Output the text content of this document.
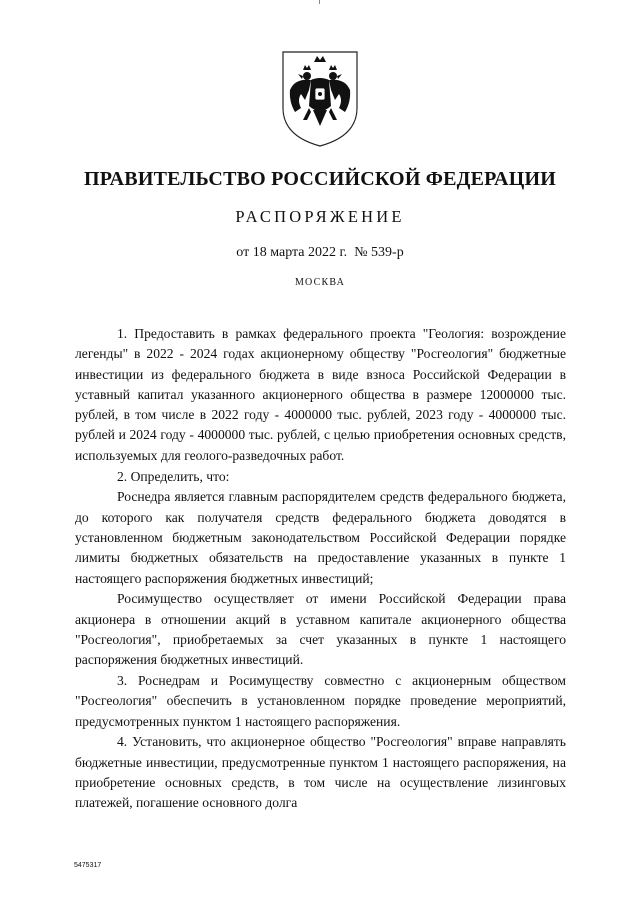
ПРАВИТЕЛЬСТВО РОССИЙСКОЙ ФЕДЕРАЦИИ
РАСПОРЯЖЕНИЕ
от 18 марта 2022 г. № 539-р
МОСКВА

1. Предоставить в рамках федерального проекта "Геология: возрождение легенды" в 2022 - 2024 годах акционерному обществу "Росгеология" бюджетные инвестиции из федерального бюджета в виде взноса Российской Федерации в уставный капитал указанного акционерного общества в размере 12000000 тыс. рублей, в том числе в 2022 году - 4000000 тыс. рублей, 2023 году - 4000000 тыс. рублей и 2024 году - 4000000 тыс. рублей, с целью приобретения основных средств, используемых для геолого-разведочных работ.

2. Определить, что:

Роснедра является главным распорядителем средств федерального бюджета, до которого как получателя средств федерального бюджета доводятся в установленном бюджетным законодательством Российской Федерации порядке лимиты бюджетных обязательств на предоставление указанных в пункте 1 настоящего распоряжения бюджетных инвестиций;

Росимущество осуществляет от имени Российской Федерации права акционера в отношении акций в уставном капитале акционерного общества "Росгеология", приобретаемых за счет указанных в пункте 1 настоящего распоряжения бюджетных инвестиций.

3. Роснедрам и Росимуществу совместно с акционерным обществом "Росгеология" обеспечить в установленном порядке проведение мероприятий, предусмотренных пунктом 1 настоящего распоряжения.

4. Установить, что акционерное общество "Росгеология" вправе направлять бюджетные инвестиции, предусмотренные пунктом 1 настоящего распоряжения, на приобретение основных средств, в том числе на осуществление лизинговых платежей, погашение основного долга

5475317
